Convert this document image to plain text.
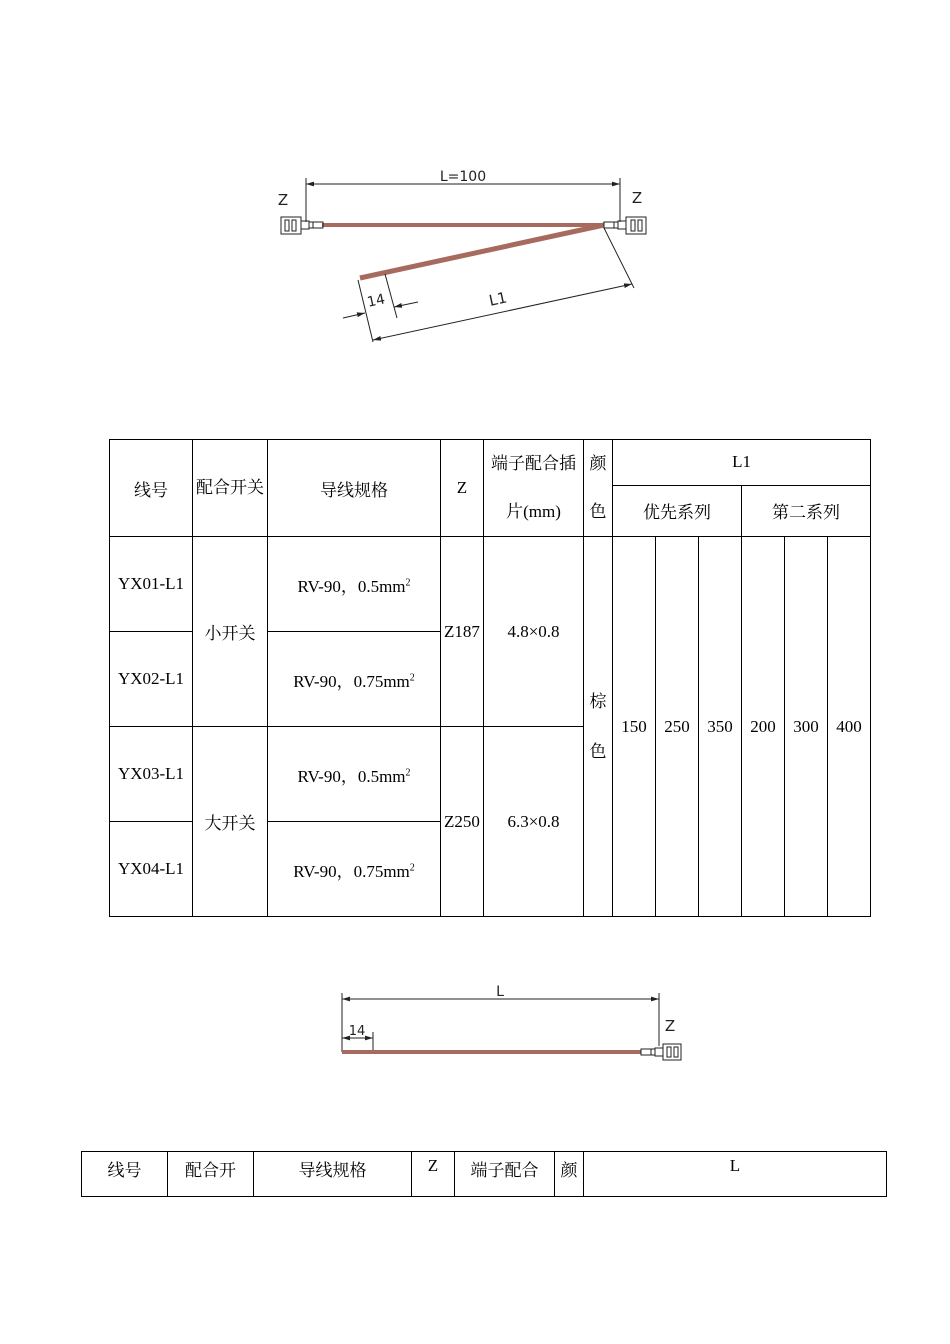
L=100
Z	Z
14	L1
线号	配合开关	导线规格	Z	端子配合插片(mm)	颜色	L1					
						优先系列			第二系列		
YX01-L1	小开关	RV-90，$0.5mm^2$	Z187	4.8×0.8	棕色	150	250	350	200	300	400
YX02-L1		RV-90，$0.75mm^2$
YX03-L1	大开关	RV-90，$0.5mm^2$	Z250	6.3×0.8							
YX04-L1		RV-90，$0.75mm^2$
L
14	Z
线号	配合开	导线规格	Z	端子配合	颜	L
